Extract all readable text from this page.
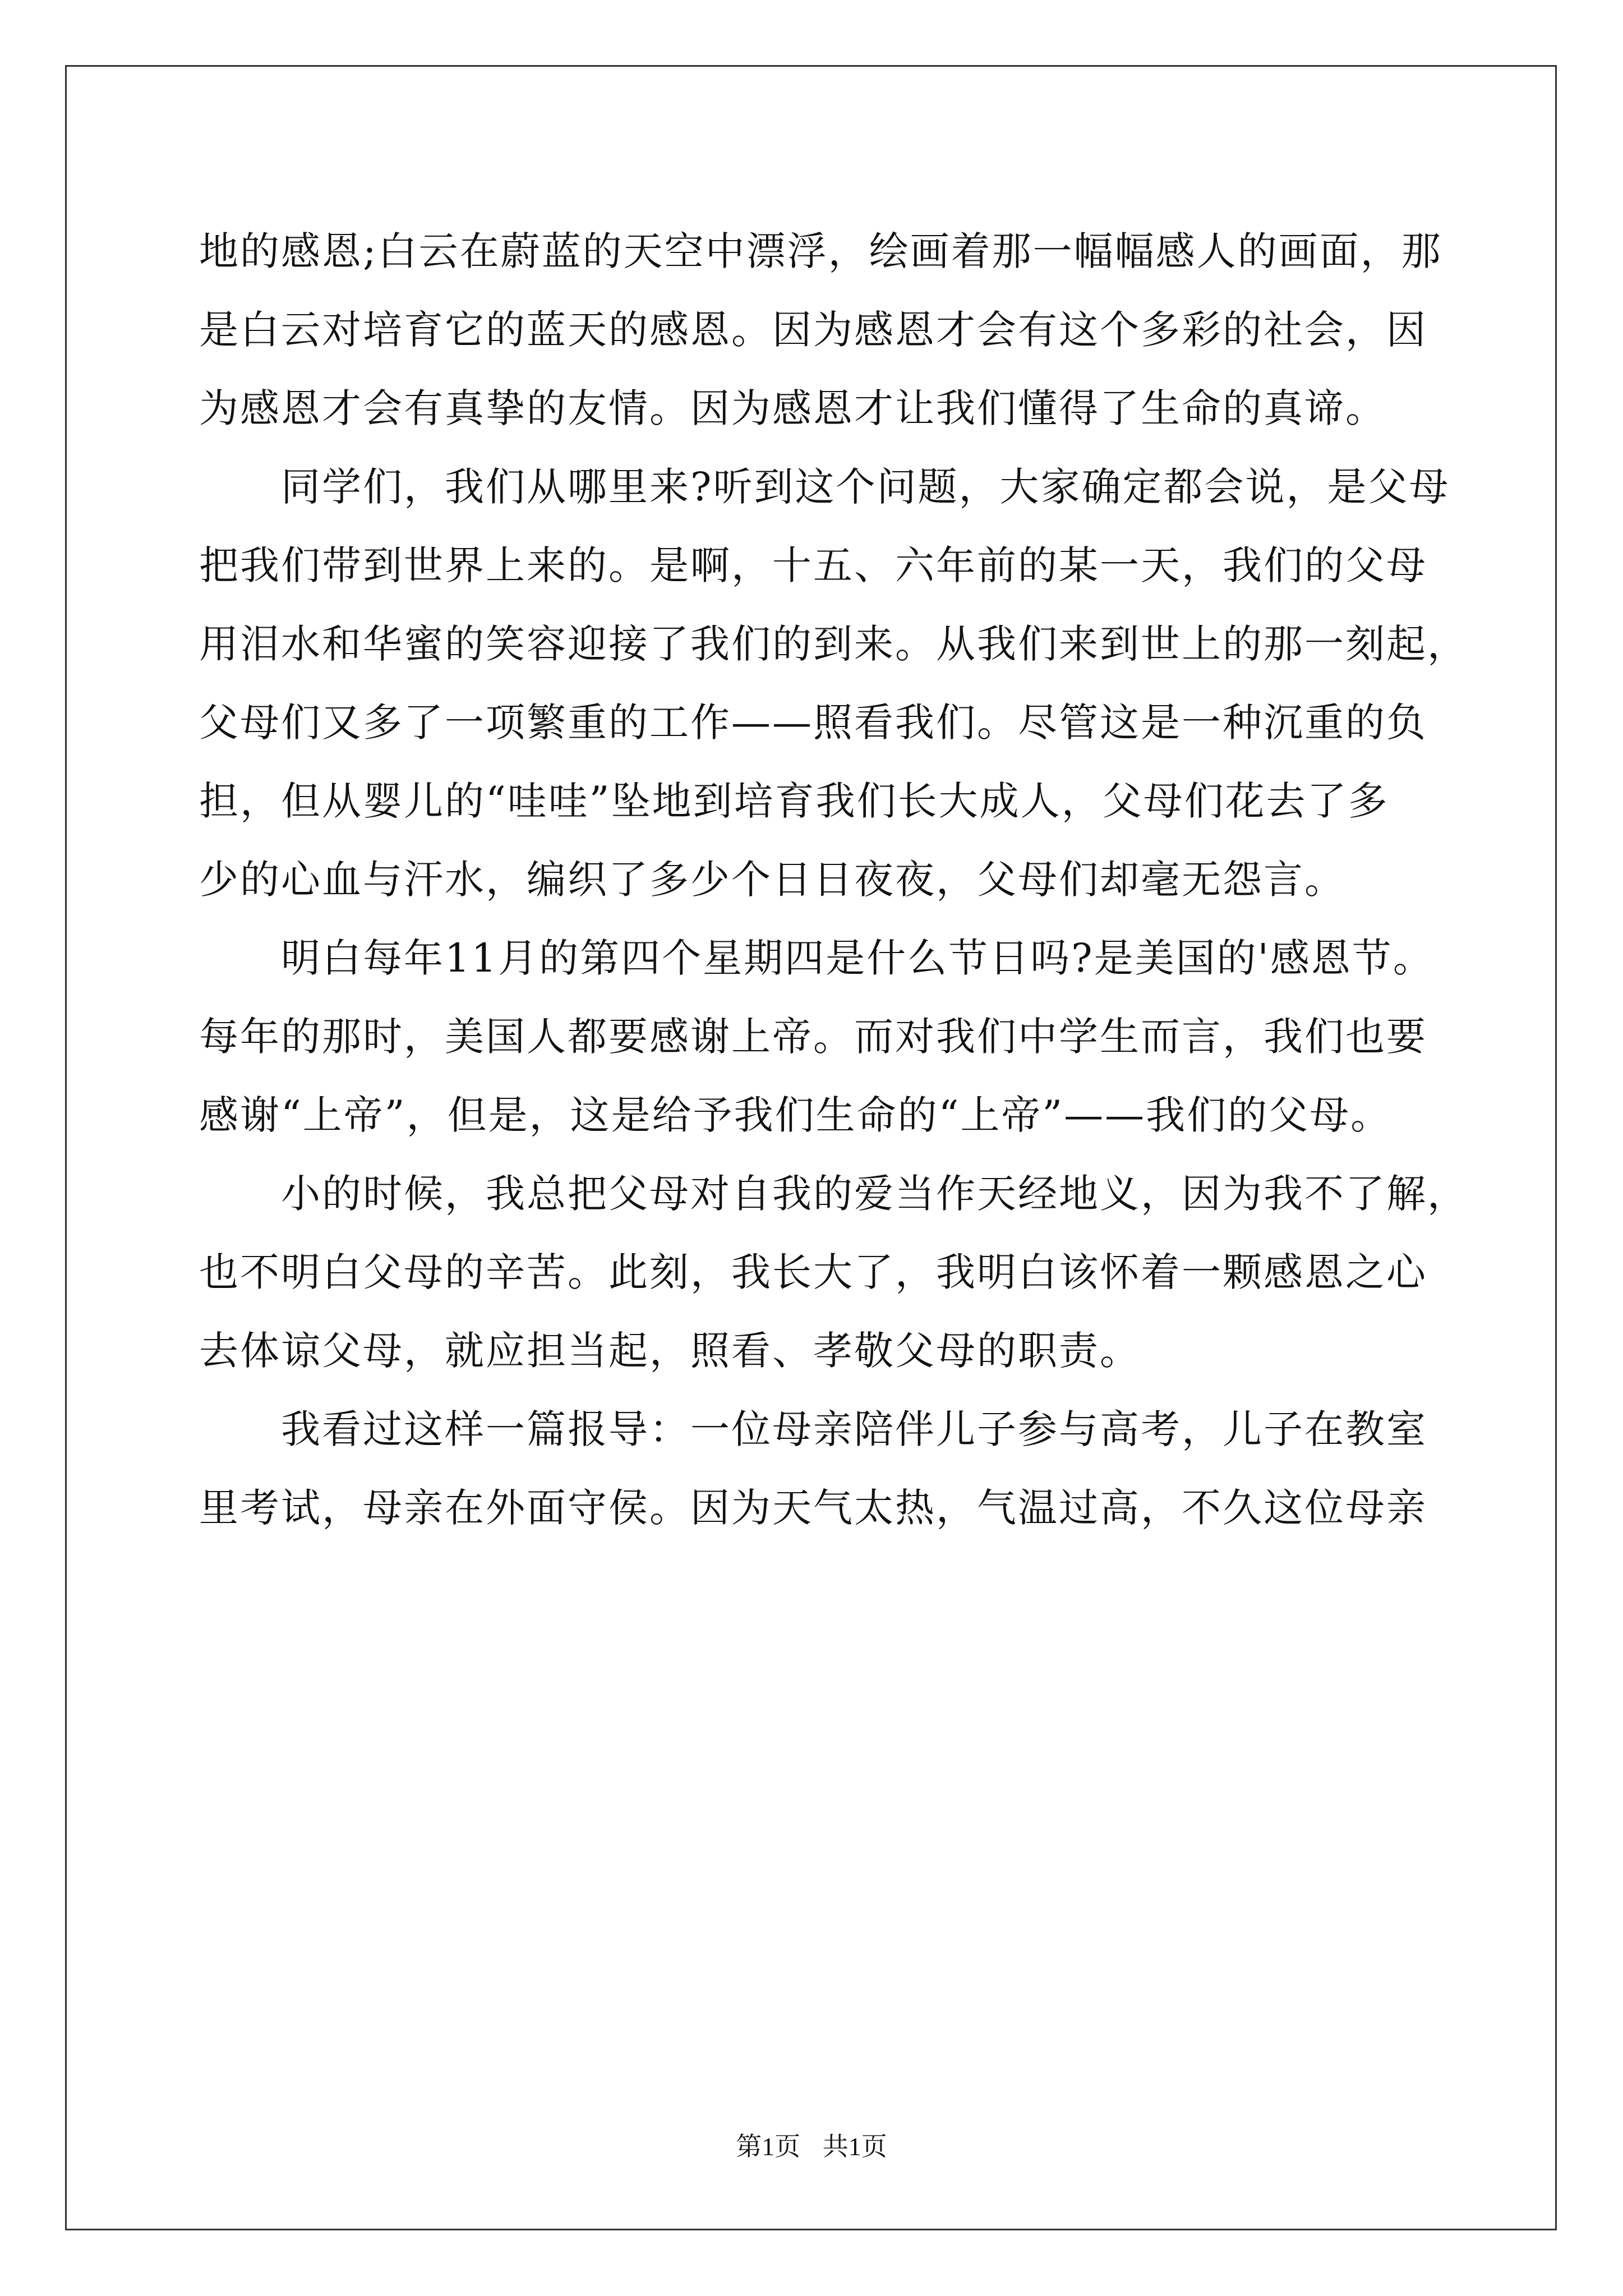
地的感恩;白云在蔚蓝的天空中漂浮，绘画着那一幅幅感人的画面，那
是白云对培育它的蓝天的感恩。因为感恩才会有这个多彩的社会，因
为感恩才会有真挚的友情。因为感恩才让我们懂得了生命的真谛。
　　同学们，我们从哪里来?听到这个问题，大家确定都会说，是父母
把我们带到世界上来的。是啊，十五、六年前的某一天，我们的父母
用泪水和华蜜的笑容迎接了我们的到来。从我们来到世上的那一刻起，
父母们又多了一项繁重的工作——照看我们。尽管这是一种沉重的负
担，但从婴儿的“哇哇”坠地到培育我们长大成人，父母们花去了多
少的心血与汗水，编织了多少个日日夜夜，父母们却毫无怨言。
　　明白每年11月的第四个星期四是什么节日吗?是美国的'感恩节。
每年的那时，美国人都要感谢上帝。而对我们中学生而言，我们也要
感谢“上帝”，但是，这是给予我们生命的“上帝”——我们的父母。
　　小的时候，我总把父母对自我的爱当作天经地义，因为我不了解，
也不明白父母的辛苦。此刻，我长大了，我明白该怀着一颗感恩之心
去体谅父母，就应担当起，照看、孝敬父母的职责。
　　我看过这样一篇报导：一位母亲陪伴儿子参与高考，儿子在教室
里考试，母亲在外面守侯。因为天气太热，气温过高，不久这位母亲
第1页 共1页
